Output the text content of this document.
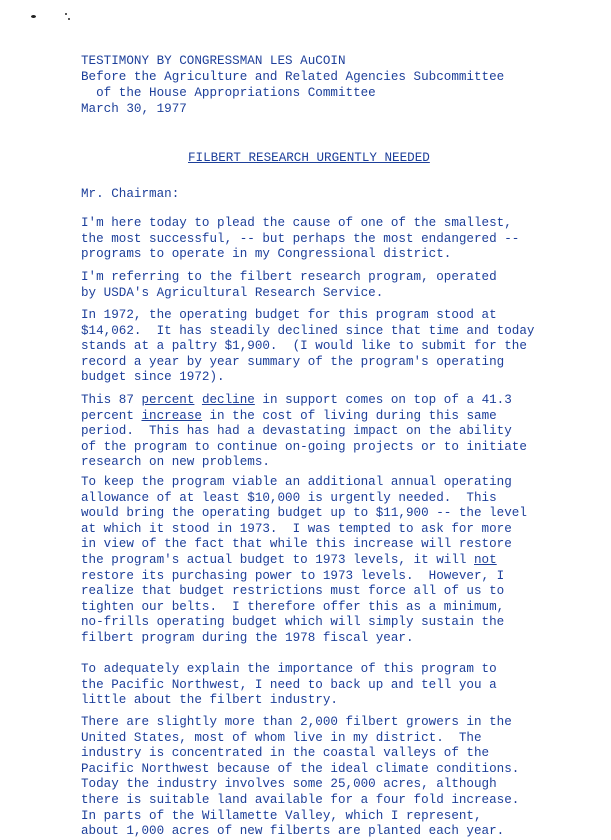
TESTIMONY BY CONGRESSMAN LES AuCOIN
Before the Agriculture and Related Agencies Subcommittee
of the House Appropriations Committee
March 30, 1977
FILBERT RESEARCH URGENTLY NEEDED
Mr. Chairman:

I'm here today to plead the cause of one of the smallest,
the most successful, -- but perhaps the most endangered --
programs to operate in my Congressional district.

I'm referring to the filbert research program, operated
by USDA's Agricultural Research Service.

In 1972, the operating budget for this program stood at
$14,062.  It has steadily declined since that time and today
stands at a paltry $1,900.  (I would like to submit for the
record a year by year summary of the program's operating
budget since 1972).

This 87 percent decline in support comes on top of a 41.3
percent increase in the cost of living during this same
period.  This has had a devastating impact on the ability
of the program to continue on-going projects or to initiate
research on new problems.

To keep the program viable an additional annual operating
allowance of at least $10,000 is urgently needed.  This
would bring the operating budget up to $11,900 -- the level
at which it stood in 1973.  I was tempted to ask for more
in view of the fact that while this increase will restore
the program's actual budget to 1973 levels, it will not
restore its purchasing power to 1973 levels.  However, I
realize that budget restrictions must force all of us to
tighten our belts.  I therefore offer this as a minimum,
no-frills operating budget which will simply sustain the
filbert program during the 1978 fiscal year.

To adequately explain the importance of this program to
the Pacific Northwest, I need to back up and tell you a
little about the filbert industry.

There are slightly more than 2,000 filbert growers in the
United States, most of whom live in my district.  The
industry is concentrated in the coastal valleys of the
Pacific Northwest because of the ideal climate conditions.
Today the industry involves some 25,000 acres, although
there is suitable land available for a four fold increase.
In parts of the Willamette Valley, which I represent,
about 1,000 acres of new filberts are planted each year.
